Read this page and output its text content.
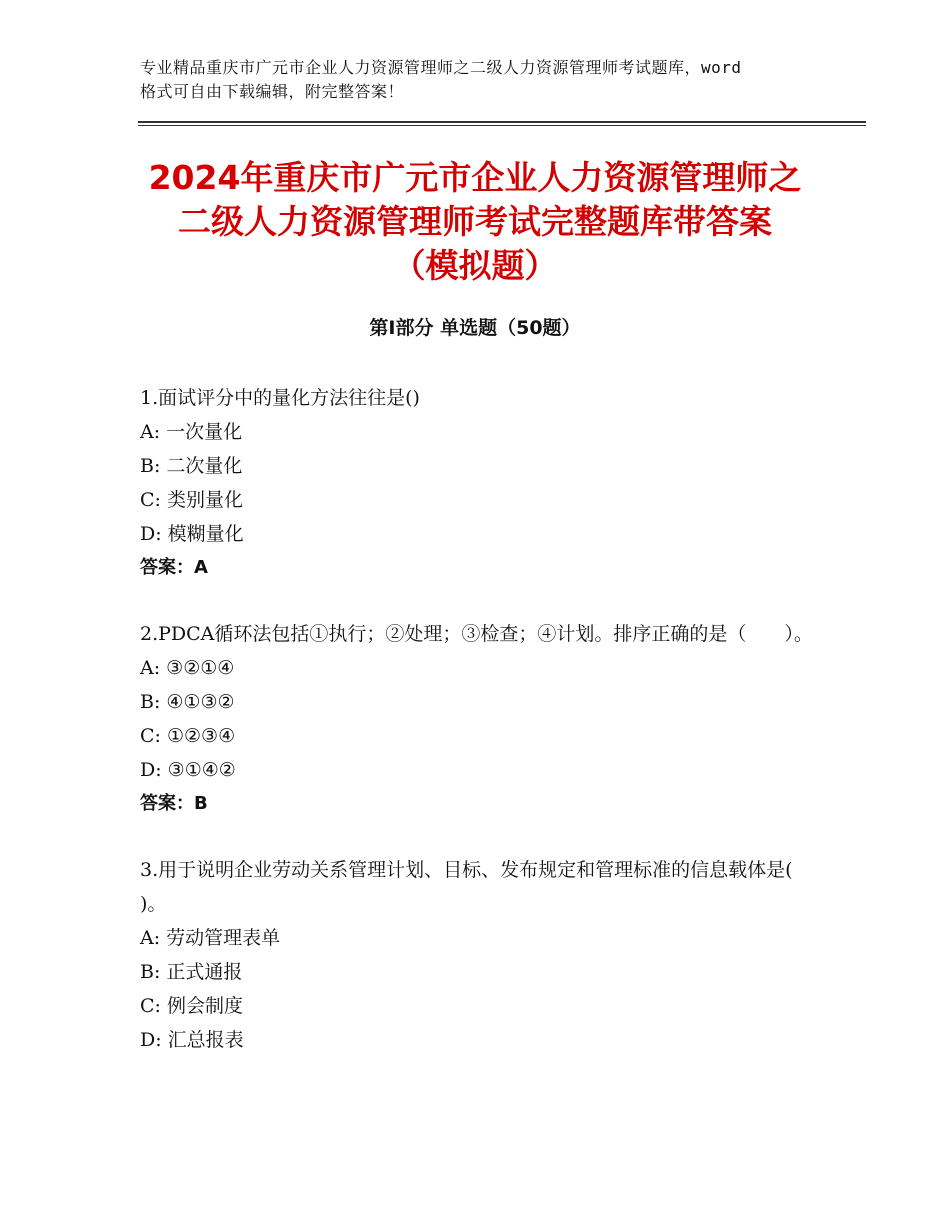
专业精品重庆市广元市企业人力资源管理师之二级人力资源管理师考试题库，word
格式可自由下载编辑，附完整答案！
2024年重庆市广元市企业人力资源管理师之
二级人力资源管理师考试完整题库带答案
（模拟题）
第Ⅰ部分 单选题（50题）
1.面试评分中的量化方法往往是()
A: 一次量化
B: 二次量化
C: 类别量化
D: 模糊量化
答案：A
2.PDCA循环法包括①执行；②处理；③检查；④计划。排序正确的是（　　）。
A: ③②①④
B: ④①③②
C: ①②③④
D: ③①④②
答案：B
3.用于说明企业劳动关系管理计划、目标、发布规定和管理标准的信息载体是( )。
A: 劳动管理表单
B: 正式通报
C: 例会制度
D: 汇总报表
